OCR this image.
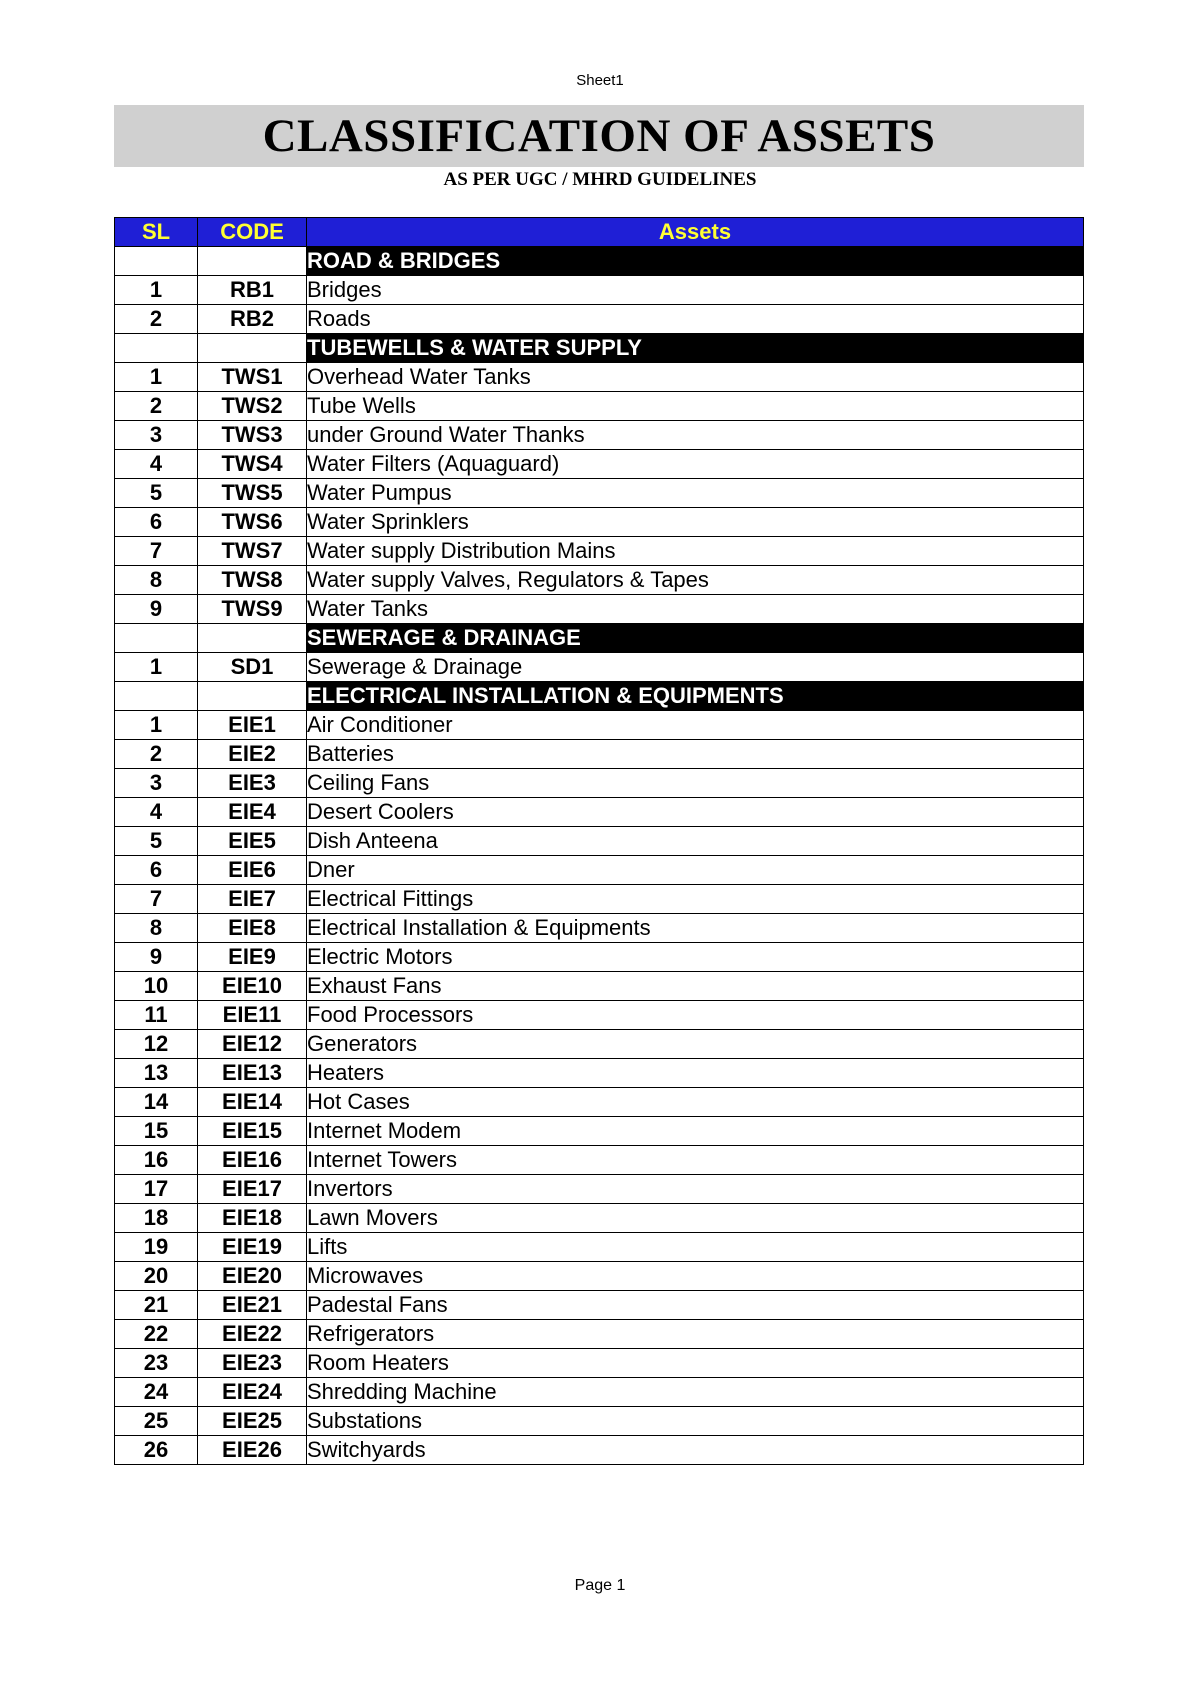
Sheet1
CLASSIFICATION OF ASSETS
AS PER UGC / MHRD GUIDELINES
SL	CODE	Assets
		ROAD & BRIDGES
1	RB1	Bridges
2	RB2	Roads
		TUBEWELLS & WATER SUPPLY
1	TWS1	Overhead Water Tanks
2	TWS2	Tube Wells
3	TWS3	under Ground Water Thanks
4	TWS4	Water Filters (Aquaguard)
5	TWS5	Water Pumpus
6	TWS6	Water Sprinklers
7	TWS7	Water supply Distribution Mains
8	TWS8	Water supply Valves, Regulators & Tapes
9	TWS9	Water Tanks
		SEWERAGE & DRAINAGE
1	SD1	Sewerage & Drainage
		ELECTRICAL INSTALLATION & EQUIPMENTS
1	EIE1	Air Conditioner
2	EIE2	Batteries
3	EIE3	Ceiling Fans
4	EIE4	Desert Coolers
5	EIE5	Dish Anteena
6	EIE6	Dner
7	EIE7	Electrical Fittings
8	EIE8	Electrical Installation & Equipments
9	EIE9	Electric Motors
10	EIE10	Exhaust Fans
11	EIE11	Food Processors
12	EIE12	Generators
13	EIE13	Heaters
14	EIE14	Hot Cases
15	EIE15	Internet Modem
16	EIE16	Internet Towers
17	EIE17	Invertors
18	EIE18	Lawn Movers
19	EIE19	Lifts
20	EIE20	Microwaves
21	EIE21	Padestal Fans
22	EIE22	Refrigerators
23	EIE23	Room Heaters
24	EIE24	Shredding Machine
25	EIE25	Substations
26	EIE26	Switchyards
Page 1
